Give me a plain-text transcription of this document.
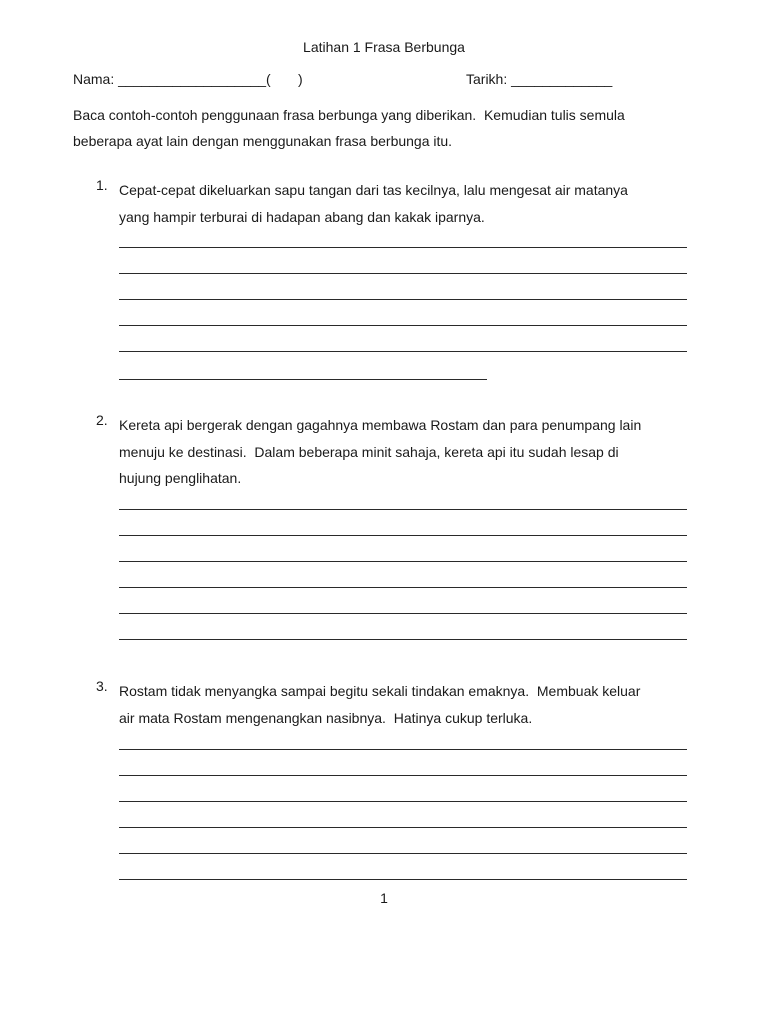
Latihan 1 Frasa Berbunga
Nama: ___________________(       )	Tarikh: _____________

Baca contoh-contoh penggunaan frasa berbunga yang diberikan.  Kemudian tulis semula

beberapa ayat lain dengan menggunakan frasa berbunga itu.

1. Cepat-cepat dikeluarkan sapu tangan dari tas kecilnya, lalu mengesat air matanya

yang hampir terburai di hadapan abang dan kakak iparnya.

2. Kereta api bergerak dengan gagahnya membawa Rostam dan para penumpang lain

menuju ke destinasi.  Dalam beberapa minit sahaja, kereta api itu sudah lesap di

hujung penglihatan.

3. Rostam tidak menyangka sampai begitu sekali tindakan emaknya.  Membuak keluar

air mata Rostam mengenangkan nasibnya.  Hatinya cukup terluka.

1
